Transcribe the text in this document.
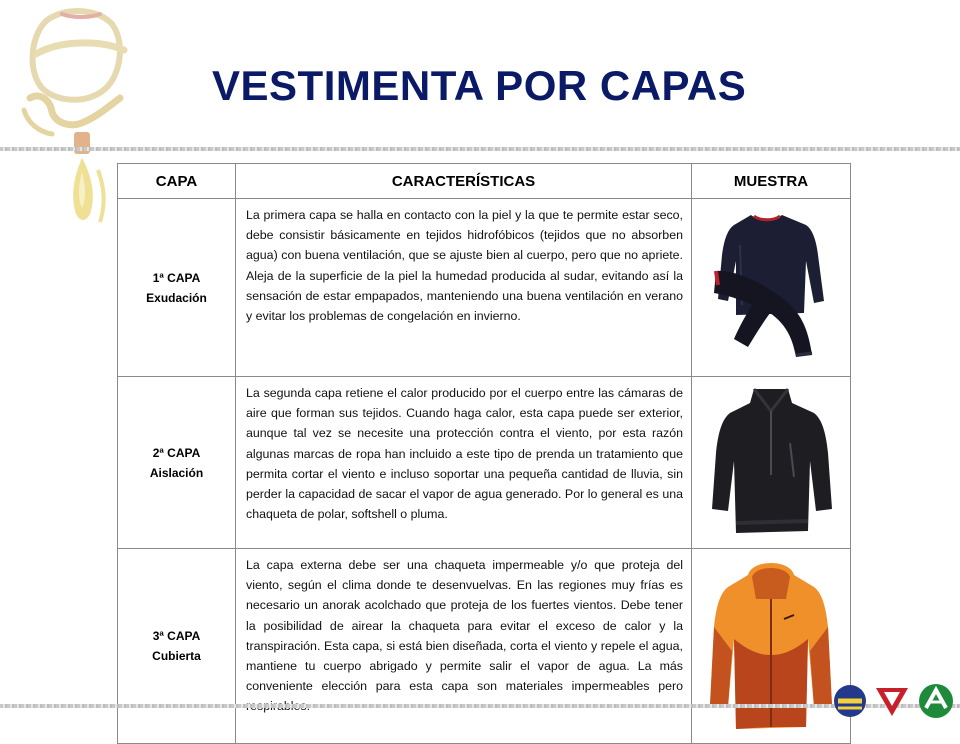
VESTIMENTA POR CAPAS
CAPA	CARACTERÍSTICAS	MUESTRA

1ª CAPA
Exudación	La primera capa se halla en contacto con la piel y la que te permite estar seco, debe consistir básicamente en tejidos hidrofóbicos (tejidos que no absorben agua) con buena ventilación, que se ajuste bien al cuerpo, pero que no apriete. Aleja de la superficie de la piel la humedad producida al sudar, evitando así la sensación de estar empapados, manteniendo una buena ventilación en verano y evitar los problemas de congelación en invierno.	

2ª CAPA
Aislación	La segunda capa retiene el calor producido por el cuerpo entre las cámaras de aire que forman sus tejidos. Cuando haga calor, esta capa puede ser exterior, aunque tal vez se necesite una protección contra el viento, por esta razón algunas marcas de ropa han incluido a este tipo de prenda un tratamiento que permita cortar el viento e incluso soportar una pequeña cantidad de lluvia, sin perder la capacidad de sacar el vapor de agua generado. Por lo general es una chaqueta de polar, softshell o pluma.	

3ª CAPA
Cubierta	La capa externa debe ser una chaqueta impermeable y/o que proteja del viento, según el clima donde te desenvuelvas. En las regiones muy frías es necesario un anorak acolchado que proteja de los fuertes vientos. Debe tener la posibilidad de airear la chaqueta para evitar el exceso de calor y la transpiración. Esta capa, si está bien diseñada, corta el viento y repele el agua, mantiene tu cuerpo abrigado y permite salir el vapor de agua. La más conveniente elección para esta capa son materiales impermeables pero	
